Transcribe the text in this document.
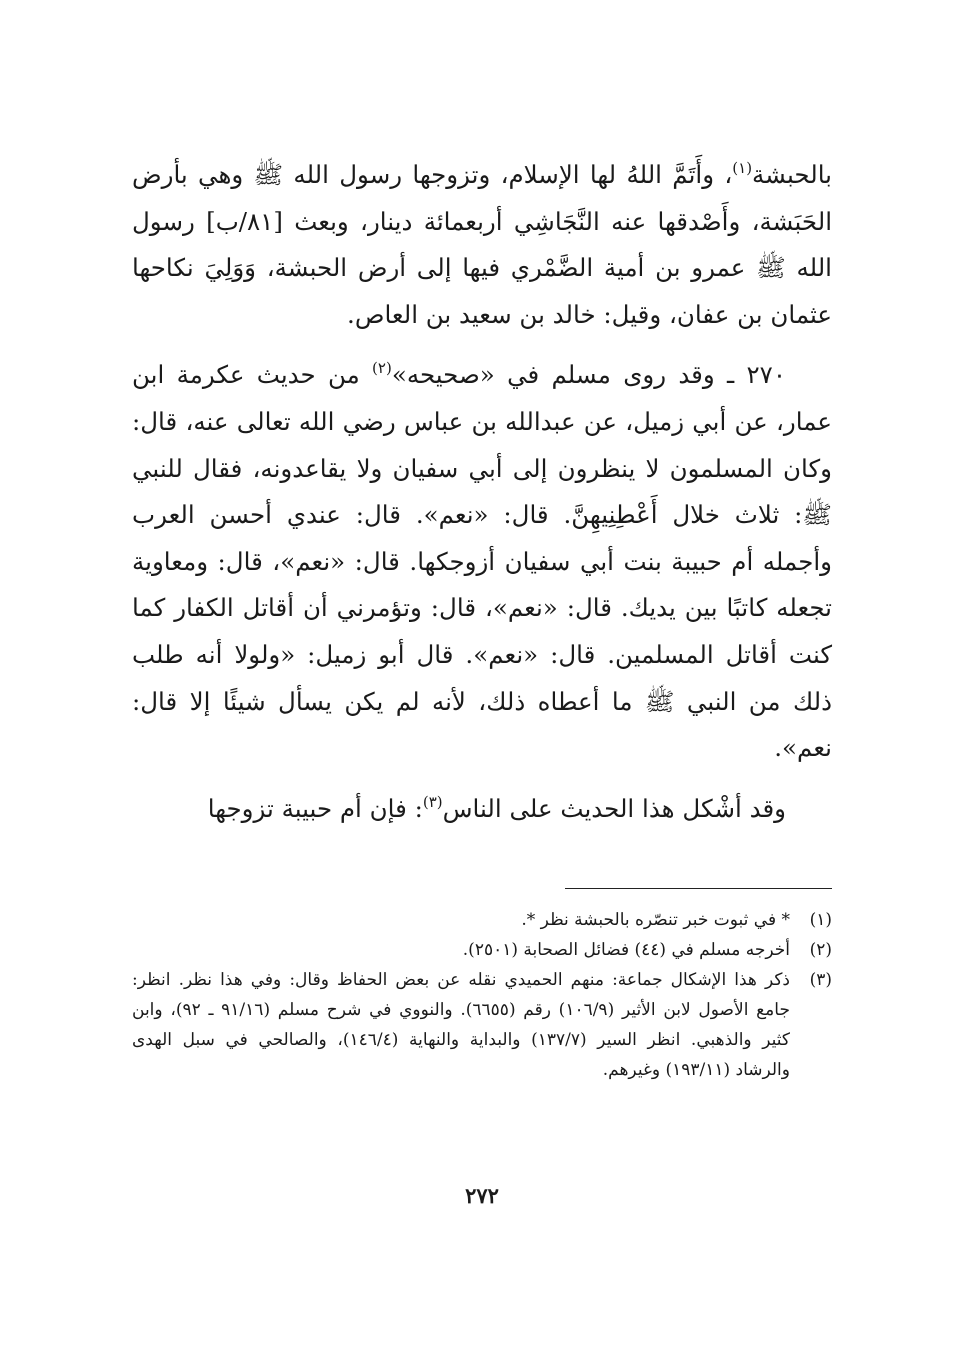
بالحبشة$^{(١)}$، وأَتَمَّ اللهُ لها الإسلام، وتزوجها رسول الله ﷺ وهي بأرض الحَبَشة، وأَصْدقها عنه النَّجَاشِي أربعمائة دينار، وبعث [٨١/ب] رسول الله ﷺ عمرو بن أمية الضَّمْري فيها إلى أرض الحبشة، وَوَلِيَ نكاحها عثمان بن عفان، وقيل: خالد بن سعيد بن العاص.

٢٧٠ ـ وقد روى مسلم في «صحيحه»$^{(٢)}$ من حديث عكرمة ابن عمار، عن أبي زميل، عن عبدالله بن عباس رضي الله تعالى عنه، قال: وكان المسلمون لا ينظرون إلى أبي سفيان ولا يقاعدونه، فقال للنبي ﷺ: ثلاث خلال أَعْطِنِيهِنَّ. قال: «نعم». قال: عندي أحسن العرب وأجمله أم حبيبة بنت أبي سفيان أزوجكها. قال: «نعم»، قال: ومعاوية تجعله كاتبًا بين يديك. قال: «نعم»، قال: وتؤمرني أن أقاتل الكفار كما كنت أقاتل المسلمين. قال: «نعم». قال أبو زميل: «ولولا أنه طلب ذلك من النبي ﷺ ما أعطاه ذلك، لأنه لم يكن يسأل شيئًا إلا قال: نعم».

وقد أشْكل هذا الحديث على الناس$^{(٣)}$: فإن أم حبيبة تزوجها

(١)
* في ثبوت خبر تنصّره بالحبشة نظر *.
(٢)
أخرجه مسلم في (٤٤) فضائل الصحابة (٢٥٠١).
(٣)
ذكر هذا الإشكال جماعة: منهم الحميدي نقله عن بعض الحفاظ وقال: وفي هذا نظر. انظر: جامع الأصول لابن الأثير (١٠٦/٩) رقم (٦٦٥٥). والنووي في شرح مسلم (٩١/١٦ ـ ٩٢)، وابن كثير والذهبي. انظر السير (١٣٧/٧) والبداية والنهاية (١٤٦/٤)، والصالحي في سبل الهدى والرشاد (١٩٣/١١) وغيرهم.
٢٧٢
